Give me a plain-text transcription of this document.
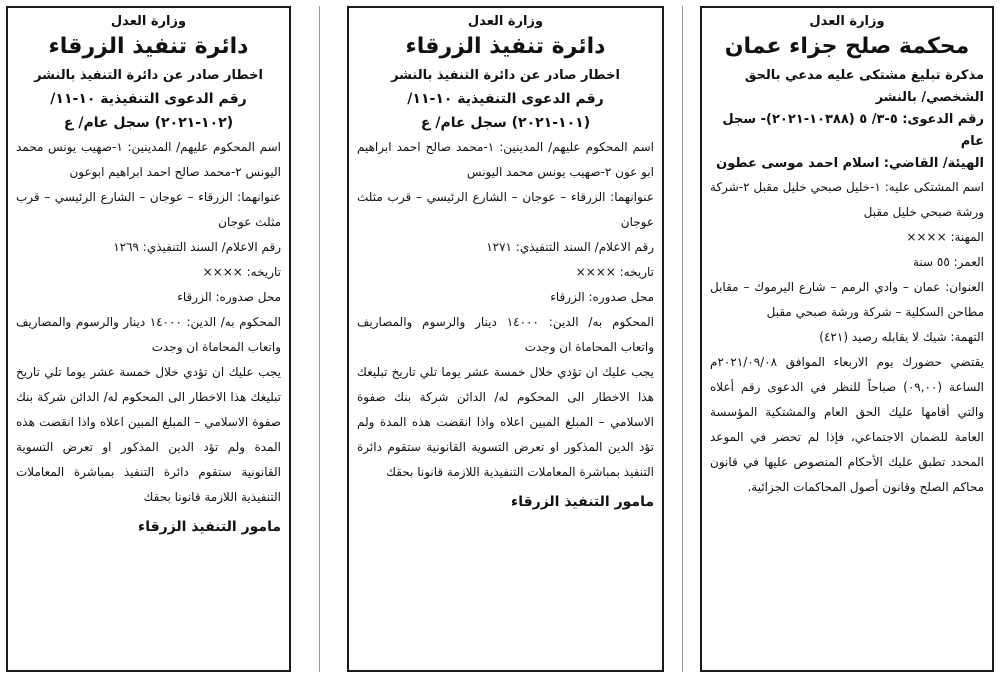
وزارة العدل
محكمة صلح جزاء عمان
مذكرة تبليغ مشتكى عليه مدعي بالحق الشخصي/ بالنشر
رقم الدعوى: ٥-٣/ ٥ (١٠٣٨٨-٢٠٢١)- سجل عام
الهيئة/ القاضي: اسلام احمد موسى عطون
اسم المشتكى عليه: ١-خليل صبحي خليل مقبل ٢-شركة ورشة صبحي خليل مقبل
المهنة: ××××
العمر: ٥٥ سنة
العنوان: عمان – وادي الرمم – شارع اليرموك – مقابل مطاحن السكلية – شركة ورشة صبحي مقبل
التهمة: شيك لا يقابله رصيد (٤٢١)
يقتضي حضورك يوم الاربعاء الموافق ٢٠٢١/٠٩/٠٨م الساعة (٠٩,٠٠) صباحاً للنظر في الدعوى رقم أعلاه والتي أقامها عليك الحق العام والمشتكية المؤسسة العامة للضمان الاجتماعي، فإذا لم تحضر في الموعد المحدد تطبق عليك الأحكام المنصوص عليها في قانون محاكم الصلح وقانون أصول المحاكمات الجزائية.
وزارة العدل
دائرة تنفيذ الزرقاء
اخطار صادر عن دائرة التنفيذ بالنشر
رقم الدعوى التنفيذية ١٠-١١/
(١٠١-٢٠٢١) سجل عام/ ع
اسم المحكوم عليهم/ المدينين: ١-محمد صالح احمد ابراهيم ابو عون ٢-صهيب يونس محمد اليونس
عنوانهما: الزرقاء – عوجان – الشارع الرئيسي – قرب مثلث عوجان
رقم الاعلام/ السند التنفيذي: ١٢٧١
تاريخه: ××××
محل صدوره: الزرقاء
المحكوم به/ الدين: ١٤٠٠٠ دينار والرسوم والمصاريف واتعاب المحاماة ان وجدت
يجب عليك ان تؤدي خلال خمسة عشر يوما تلي تاريخ تبليغك هذا الاخطار الى المحكوم له/ الدائن شركة بنك صفوة الاسلامي – المبلغ المبين اعلاه واذا انقضت هذه المدة ولم تؤد الدين المذكور او تعرض التسوية القانونية ستقوم دائرة التنفيذ بمباشرة المعاملات التنفيذية اللازمة قانونا بحقك
مامور التنفيذ الزرقاء
وزارة العدل
دائرة تنفيذ الزرقاء
اخطار صادر عن دائرة التنفيذ بالنشر
رقم الدعوى التنفيذية ١٠-١١/
(١٠٢-٢٠٢١) سجل عام/ ع
اسم المحكوم عليهم/ المدينين: ١-صهيب يونس محمد اليونس ٢-محمد صالح احمد ابراهيم ابوعون
عنوانهما: الزرقاء – عوجان – الشارع الرئيسي – قرب مثلث عوجان
رقم الاعلام/ السند التنفيذي: ١٢٦٩
تاريخه: ××××
محل صدوره: الزرقاء
المحكوم به/ الدين: ١٤٠٠٠ دينار والرسوم والمصاريف واتعاب المحاماة ان وجدت
يجب عليك ان تؤدي خلال خمسة عشر يوما تلي تاريخ تبليغك هذا الاخطار الى المحكوم له/ الدائن شركة بنك صفوة الاسلامي – المبلغ المبين اعلاه واذا انقضت هذه المدة ولم تؤد الدين المذكور او تعرض التسوية القانونية ستقوم دائرة التنفيذ بمباشرة المعاملات التنفيذية اللازمة قانونا بحقك
مامور التنفيذ الزرقاء
